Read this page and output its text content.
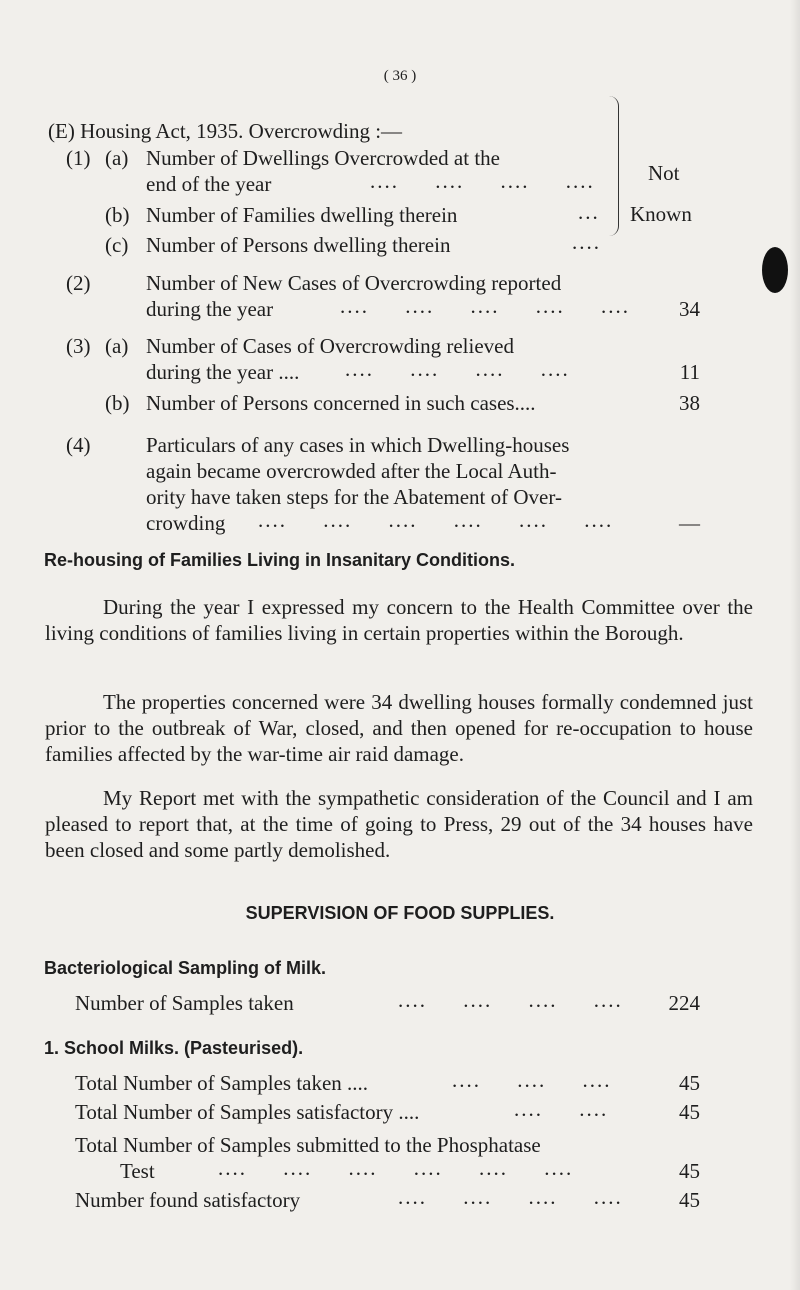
( 36 )
(E) Housing Act, 1935. Overcrowding :—
(1) (a) Number of Dwellings Overcrowded at the
end of the year	....     ....     ....     ....
(b) Number of Families dwelling therein	...
(c) Number of Persons dwelling therein	....
Not
Known
(2)	Number of New Cases of Overcrowding reported
during the year	....     ....     ....     ....     ....	34
(3) (a) Number of Cases of Overcrowding relieved
during the year .... ....     ....     ....     ....	11
(b) Number of Persons concerned in such cases....	38
(4)	Particulars of any cases in which Dwelling-houses
again became overcrowded after the Local Auth-
ority have taken steps for the Abatement of Over-
crowding ....     ....     ....     ....     ....     ....	—
Re-housing of Families Living in Insanitary Conditions.
During the year I expressed my concern to the Health Committee over the living conditions of families living in certain properties within the Borough.
The properties concerned were 34 dwelling houses formally condemned just prior to the outbreak of War, closed, and then opened for re-occupation to house families affected by the war-time air raid damage.
My Report met with the sympathetic consideration of the Council and I am pleased to report that, at the time of going to Press, 29 out of the 34 houses have been closed and some partly demolished.
SUPERVISION OF FOOD SUPPLIES.
Bacteriological Sampling of Milk.
Number of Samples taken	....     ....     ....     ....	224
1. School Milks. (Pasteurised).
Total Number of Samples taken ....	....     ....     ....	45
Total Number of Samples satisfactory ....	....     ....	45
Total Number of Samples submitted to the Phosphatase
Test	....     ....     ....     ....     ....     ....	45
Number found satisfactory	....     ....     ....     ....	45
